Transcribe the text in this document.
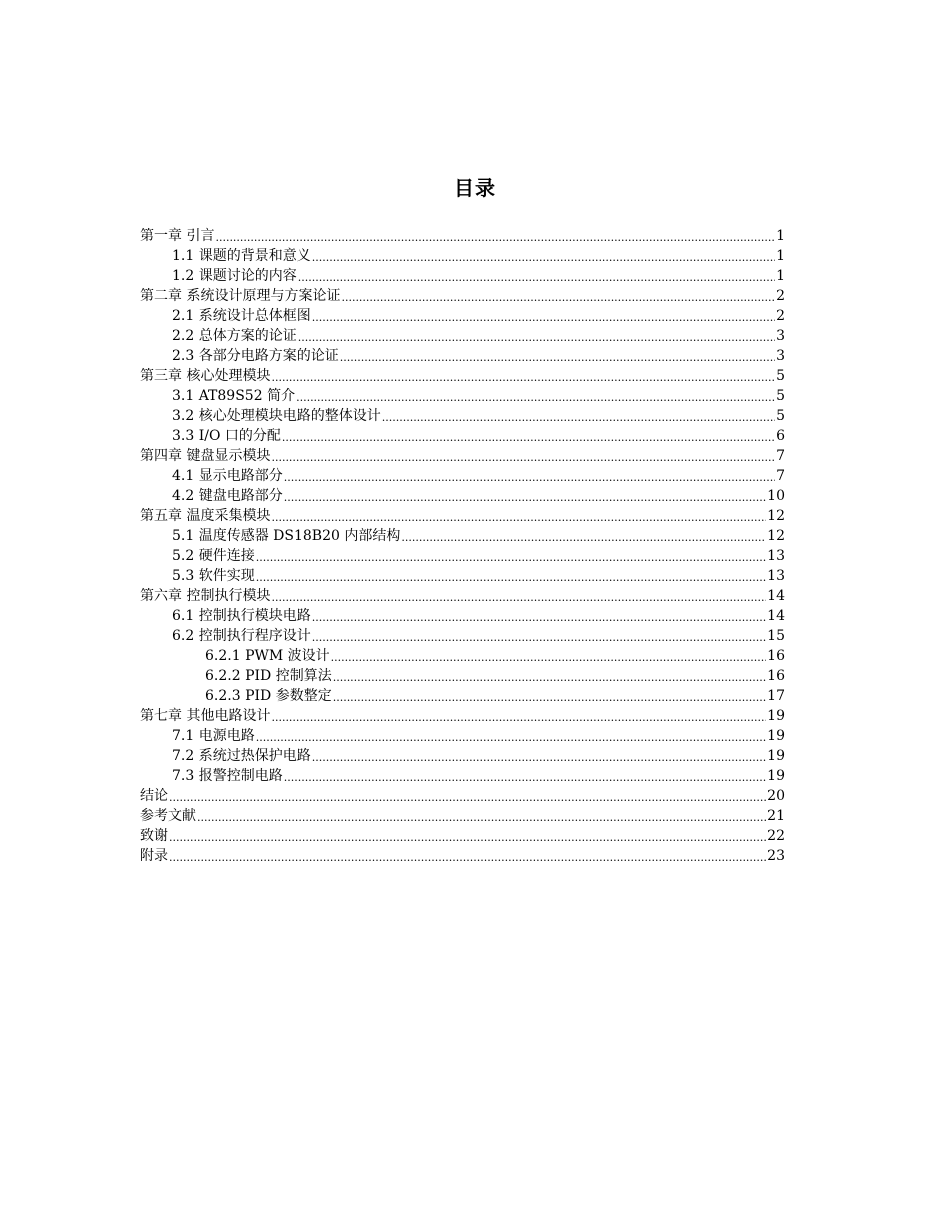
目录
第一章 引言 .....	1
1.1 课题的背景和意义 .....	1
1.2 课题讨论的内容 .....	1
第二章 系统设计原理与方案论证 .....	2
2.1 系统设计总体框图 .....	2
2.2 总体方案的论证 .....	3
2.3 各部分电路方案的论证 .....	3
第三章 核心处理模块 .....	5
3.1 AT89S52 简介 .....	5
3.2 核心处理模块电路的整体设计 .....	5
3.3 I/O 口的分配 .....	6
第四章 键盘显示模块 .....	7
4.1 显示电路部分 .....	7
4.2 键盘电路部分 .....	10
第五章 温度采集模块 .....	12
5.1 温度传感器 DS18B20 内部结构 .....	12
5.2 硬件连接 .....	13
5.3 软件实现 .....	13
第六章 控制执行模块 .....	14
6.1 控制执行模块电路 .....	14
6.2 控制执行程序设计 .....	15
6.2.1 PWM 波设计 .....	16
6.2.2 PID 控制算法 .....	16
6.2.3 PID 参数整定 .....	17
第七章 其他电路设计 .....	19
7.1 电源电路 .....	19
7.2 系统过热保护电路 .....	19
7.3 报警控制电路 .....	19
结论 .....	20
参考文献 .....	21
致谢 .....	22
附录 .....	23
